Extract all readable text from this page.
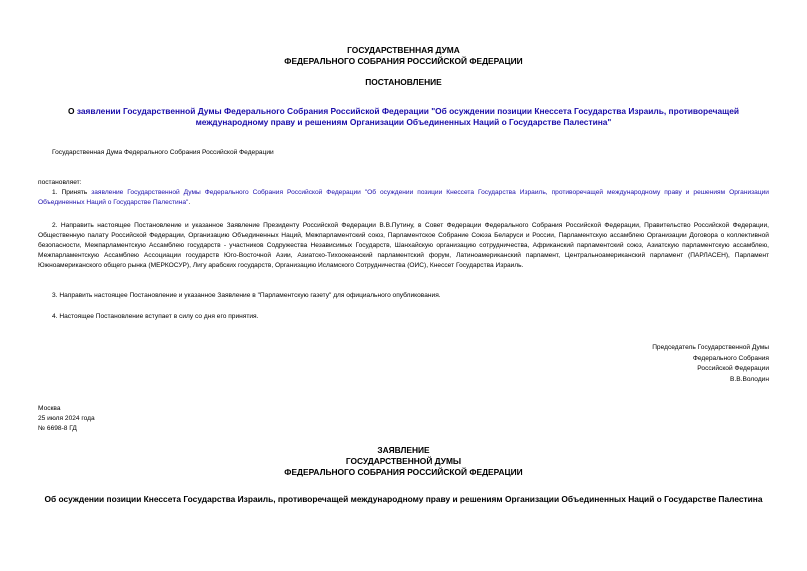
ГОСУДАРСТВЕННАЯ ДУМА
ФЕДЕРАЛЬНОГО СОБРАНИЯ РОССИЙСКОЙ ФЕДЕРАЦИИ
ПОСТАНОВЛЕНИЕ
О заявлении Государственной Думы Федерального Собрания Российской Федерации "Об осуждении позиции Кнессета Государства Израиль, противоречащей международному праву и решениям Организации Объединенных Наций о Государстве Палестина"
Государственная Дума Федерального Собрания Российской Федерации
постановляет:
1. Принять заявление Государственной Думы Федерального Собрания Российской Федерации "Об осуждении позиции Кнессета Государства Израиль, противоречащей международному праву и решениям Организации Объединенных Наций о Государстве Палестина".
2. Направить настоящее Постановление и указанное Заявление Президенту Российской Федерации В.В.Путину, в Совет Федерации Федерального Собрания Российской Федерации, Правительство Российской Федерации, Общественную палату Российской Федерации, Организацию Объединенных Наций, Межпарламентский союз, Парламентское Собрание Союза Беларуси и России, Парламентскую ассамблею Организации Договора о коллективной безопасности, Межпарламентскую Ассамблею государств - участников Содружества Независимых Государств, Шанхайскую организацию сотрудничества, Африканский парламентский союз, Азиатскую парламентскую ассамблею, Межпарламентскую Ассамблею Ассоциации государств Юго-Восточной Азии, Азиатско-Тихоокеанский парламентский форум, Латиноамериканский парламент, Центральноамериканский парламент (ПАРЛАСЕН), Парламент Южноамериканского общего рынка (МЕРКОСУР), Лигу арабских государств, Организацию Исламского Сотрудничества (ОИС), Кнессет Государства Израиль.
3. Направить настоящее Постановление и указанное Заявление в "Парламентскую газету" для официального опубликования.
4. Настоящее Постановление вступает в силу со дня его принятия.
Председатель Государственной Думы
Федерального Собрания
Российской Федерации
В.В.Володин
Москва
25 июля 2024 года
№ 6698-8 ГД
ЗАЯВЛЕНИЕ
ГОСУДАРСТВЕННОЙ ДУМЫ
ФЕДЕРАЛЬНОГО СОБРАНИЯ РОССИЙСКОЙ ФЕДЕРАЦИИ
Об осуждении позиции Кнессета Государства Израиль, противоречащей международному праву и решениям Организации Объединенных Наций о Государстве Палестина
